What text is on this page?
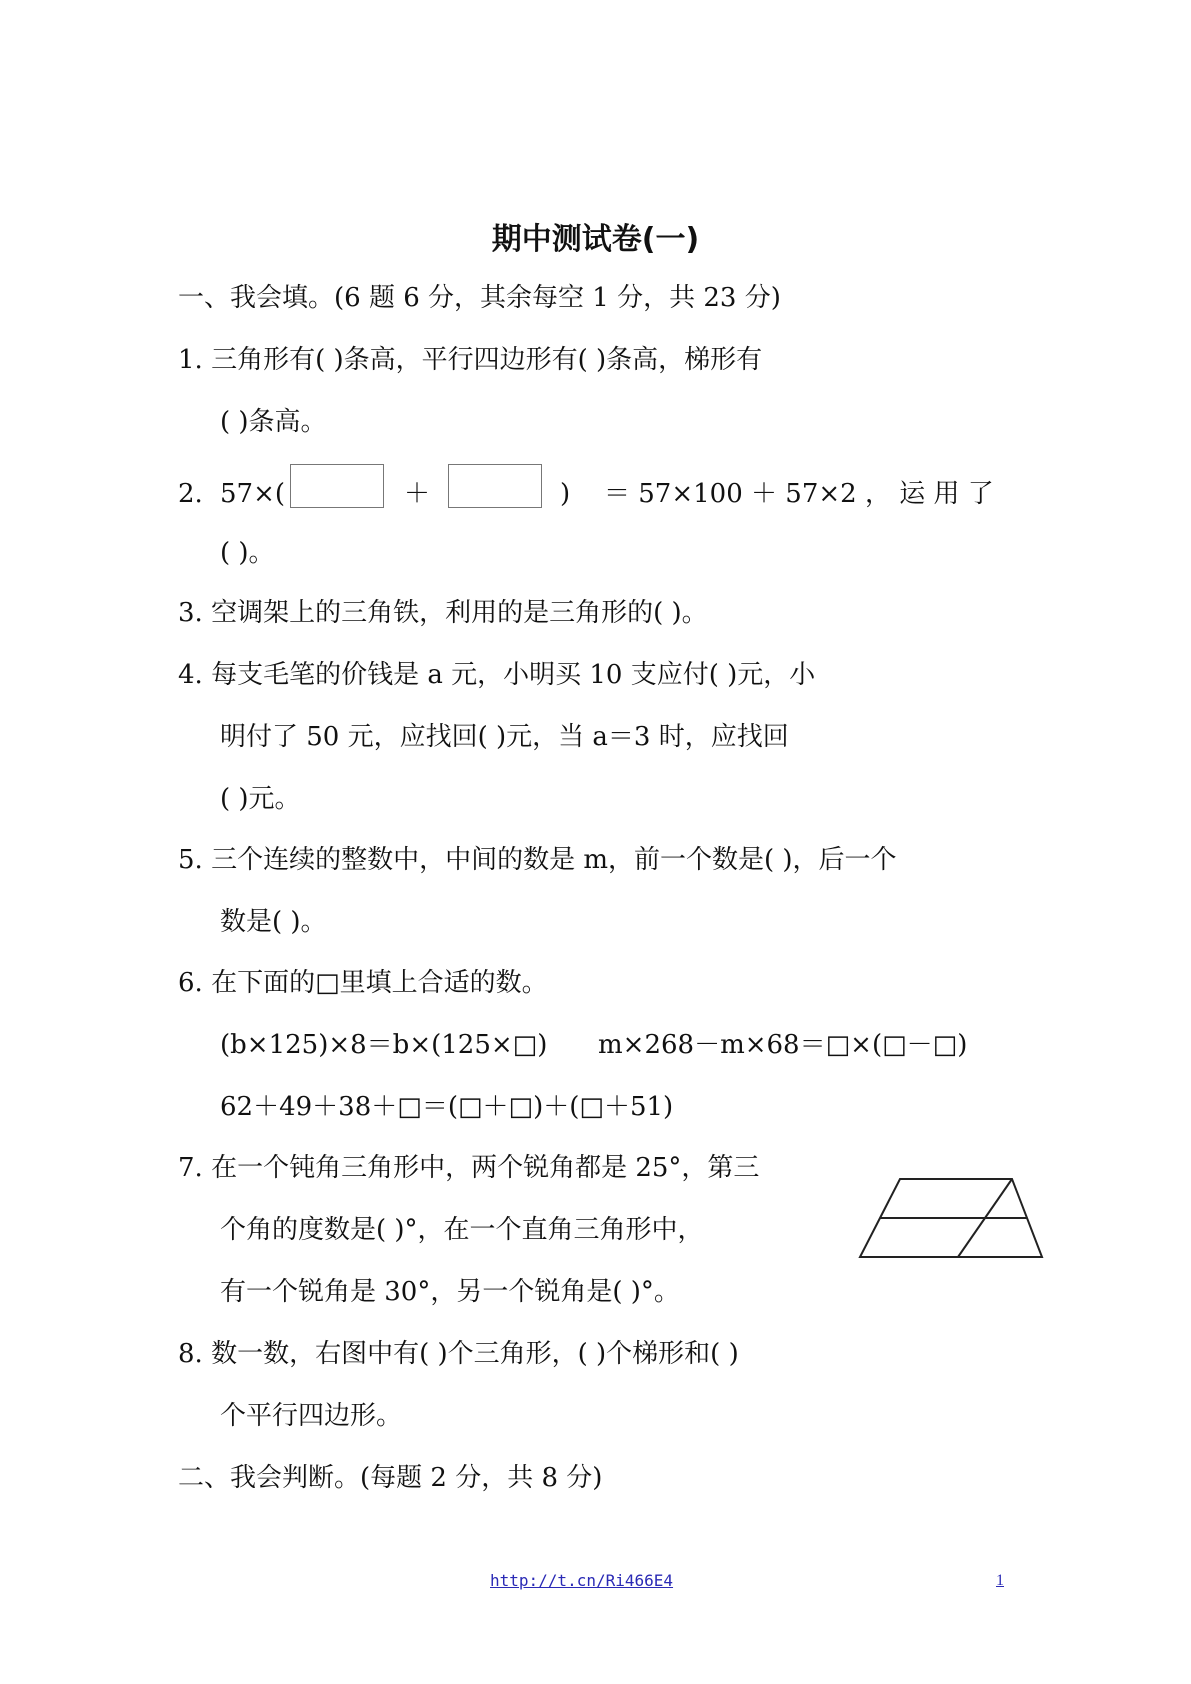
期中测试卷(一)
一、我会填。(6 题 6 分，其余每空 1 分，共 23 分)
1. 三角形有( )条高，平行四边形有( )条高，梯形有
( )条高。
2. 57×(	＋	) ＝ 57×100 ＋ 57×2 ， 运 用 了
( )。
3. 空调架上的三角铁，利用的是三角形的( )。
4. 每支毛笔的价钱是 a 元，小明买 10 支应付( )元，小
明付了 50 元，应找回( )元，当 a＝3 时，应找回
( )元。
5. 三个连续的整数中，中间的数是 m，前一个数是( )，后一个
数是( )。
6. 在下面的□里填上合适的数。
(b×125)×8＝b×(125×□) m×268－m×68＝□×(□－□)
62＋49＋38＋□＝(□＋□)＋(□＋51)
7. 在一个钝角三角形中，两个锐角都是 25°，第三
个角的度数是( )°，在一个直角三角形中，
有一个锐角是 30°，另一个锐角是( )°。
8. 数一数，右图中有( )个三角形，( )个梯形和( )
个平行四边形。
二、我会判断。(每题 2 分，共 8 分)
http://t.cn/Ri466E4	1
